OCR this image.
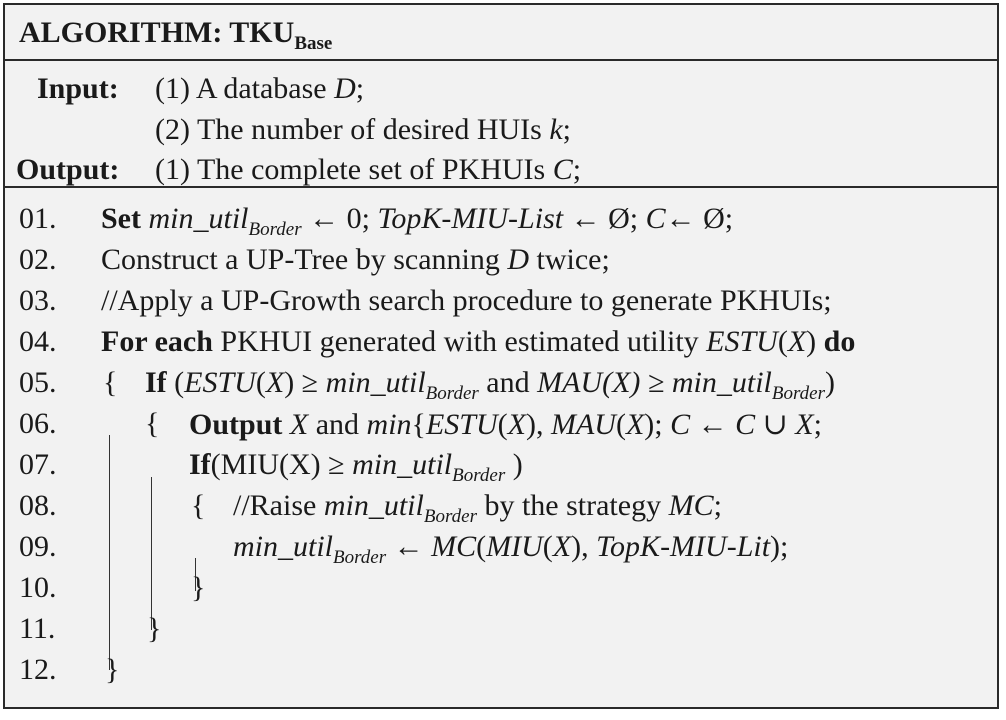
ALGORITHM: $TKU_{Base}$
Input: (1) A database D;
(2) The number of desired HUIs k;
Output: (1) The complete set of PKHUIs C;
01. Set min_util$_{Border}$ ← 0; TopK-MIU-List ← Ø; C← Ø;
02. Construct a UP-Tree by scanning D twice;
03. //Apply a UP-Growth search procedure to generate PKHUIs;
04. For each PKHUI generated with estimated utility ESTU(X) do
05. { If (ESTU(X) ≥ min_util$_{Border}$ and MAU(X) ≥ min_util$_{Border}$)
06.	{ Output X and min{ESTU(X), MAU(X); C ← C ∪ X;
07.	If(MIU(X) ≥ min_util$_{Border}$ )
08.	{ //Raise min_util$_{Border}$ by the strategy MC;
09.	min_util$_{Border}$ ← MC(MIU(X), TopK-MIU-Lit);
10.	}
11.	}
12. }
